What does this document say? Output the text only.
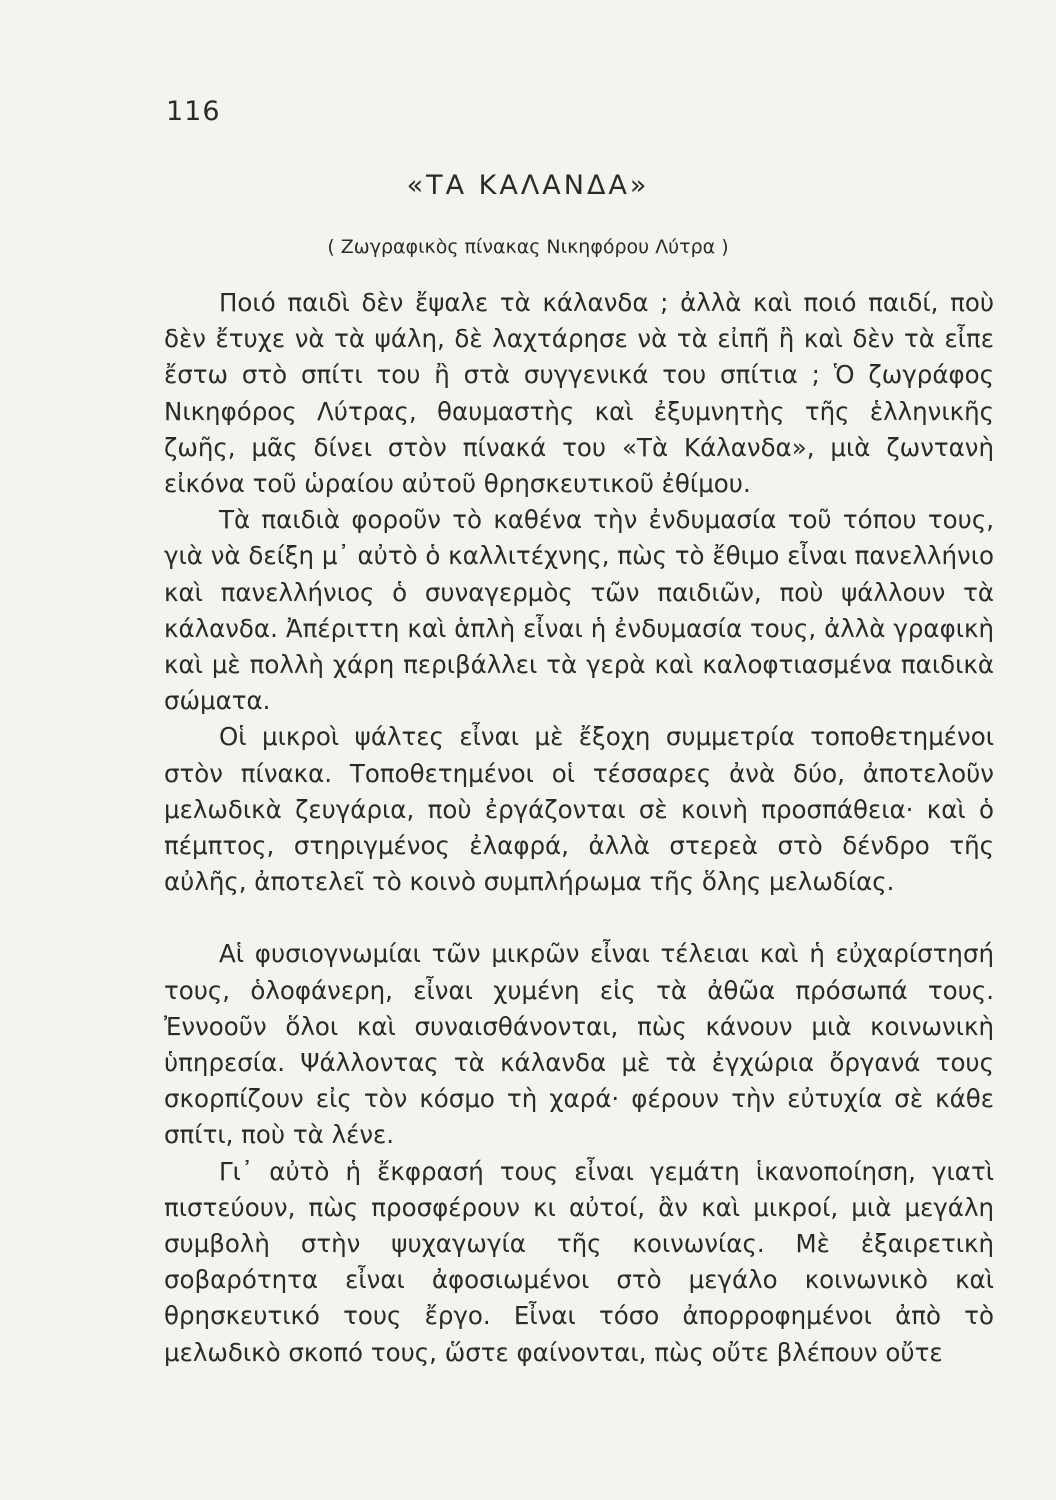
116
«ΤΑ ΚΑΛΑΝΔΑ»
( Ζωγραφικὸς πίνακας Νικηφόρου Λύτρα )

Ποιό παιδὶ δὲν ἔψαλε τὰ κάλανδα ; ἀλλὰ καὶ ποιό παιδί, ποὺ δὲν ἔτυχε νὰ τὰ ψάλη, δὲ λαχτάρησε νὰ τὰ εἰπῆ ἢ καὶ δὲν τὰ εἶπε ἔστω στὸ σπίτι του ἢ στὰ συγγενικά του σπίτια ; Ὁ ζωγράφος Νικηφόρος Λύτρας, θαυμαστὴς καὶ ἐξυμνητὴς τῆς ἑλληνικῆς ζωῆς, μᾶς δίνει στὸν πίνακά του «Τὰ Κάλανδα», μιὰ ζωντανὴ εἰκόνα τοῦ ὡραίου αὐτοῦ θρησκευτικοῦ ἐθίμου.

Τὰ παιδιὰ φοροῦν τὸ καθένα τὴν ἐνδυμασία τοῦ τόπου τους, γιὰ νὰ δείξη μ᾿ αὐτὸ ὁ καλλιτέχνης, πὼς τὸ ἔθιμο εἶναι πανελλήνιο καὶ πανελλήνιος ὁ συναγερμὸς τῶν παιδιῶν, ποὺ ψάλλουν τὰ κάλανδα. Ἀπέριττη καὶ ἁπλὴ εἶναι ἡ ἐνδυμασία τους, ἀλλὰ γραφικὴ καὶ μὲ πολλὴ χάρη περιβάλλει τὰ γερὰ καὶ καλοφτιασμένα παιδικὰ σώματα.

Οἱ μικροὶ ψάλτες εἶναι μὲ ἔξοχη συμμετρία τοποθετημένοι στὸν πίνακα. Τοποθετημένοι οἱ τέσσαρες ἀνὰ δύο, ἀποτελοῦν μελωδικὰ ζευγάρια, ποὺ ἐργάζονται σὲ κοινὴ προσπάθεια· καὶ ὁ πέμπτος, στηριγμένος ἐλαφρά, ἀλλὰ στερεὰ στὸ δένδρο τῆς αὐλῆς, ἀποτελεῖ τὸ κοινὸ συμπλήρωμα τῆς ὅλης μελωδίας.

Αἱ φυσιογνωμίαι τῶν μικρῶν εἶναι τέλειαι καὶ ἡ εὐχαρίστησή τους, ὁλοφάνερη, εἶναι χυμένη εἰς τὰ ἀθῶα πρόσωπά τους. Ἐννοοῦν ὅλοι καὶ συναισθάνονται, πὼς κάνουν μιὰ κοινωνικὴ ὑπηρεσία. Ψάλλοντας τὰ κάλανδα μὲ τὰ ἐγχώρια ὄργανά τους σκορπίζουν εἰς τὸν κόσμο τὴ χαρά· φέρουν τὴν εὐτυχία σὲ κάθε σπίτι, ποὺ τὰ λένε.

Γι᾿ αὐτὸ ἡ ἔκφρασή τους εἶναι γεμάτη ἱκανοποίηση, γιατὶ πιστεύουν, πὼς προσφέρουν κι αὐτοί, ἂν καὶ μικροί, μιὰ μεγάλη συμβολὴ στὴν ψυχαγωγία τῆς κοινωνίας. Μὲ ἐξαιρετικὴ σοβαρότητα εἶναι ἀφοσιωμένοι στὸ μεγάλο κοινωνικὸ καὶ θρησκευτικό τους ἔργο. Εἶναι τόσο ἀπορροφημένοι ἀπὸ τὸ μελωδικὸ σκοπό τους, ὥστε φαίνονται, πὼς οὔτε βλέπουν οὔτε
